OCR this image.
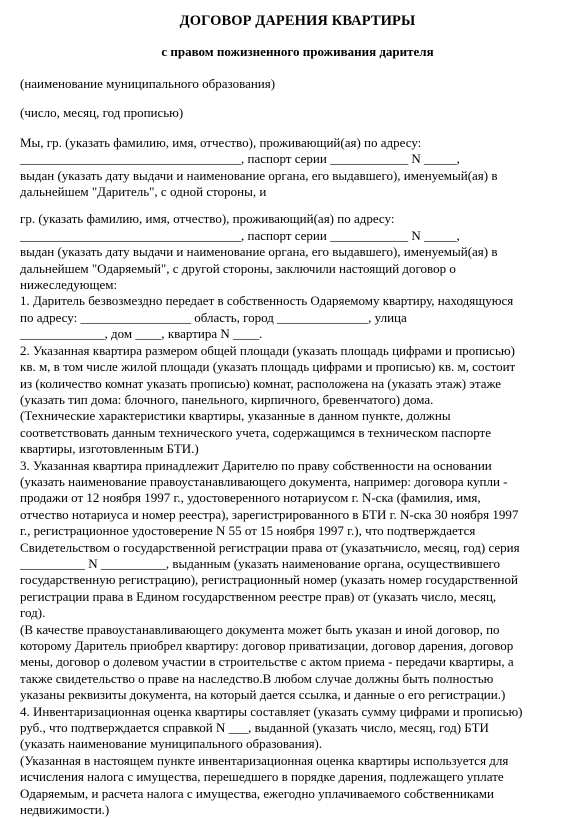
ДОГОВОР ДАРЕНИЯ КВАРТИРЫ
с правом пожизненного проживания дарителя
(наименование муниципального образования)
(число, месяц, год прописью)
Мы, гр. (указать фамилию, имя, отчество), проживающий(ая) по адресу:
__________________________________, паспорт серии ____________ N _____,
выдан (указать дату выдачи и наименование органа, его выдавшего), именуемый(ая) в
дальнейшем "Даритель", с одной стороны, и
гр. (указать фамилию, имя, отчество), проживающий(ая) по адресу:
__________________________________, паспорт серии ____________ N _____,
выдан (указать дату выдачи и наименование органа, его выдавшего), именуемый(ая) в
дальнейшем "Одаряемый", с другой стороны, заключили настоящий договор о
нижеследующем:
1. Даритель безвозмездно передает в собственность Одаряемому квартиру, находящуюся
по адресу: _________________ область, город ______________, улица
_____________, дом ____, квартира N ____.
2. Указанная квартира размером общей площади (указать площадь цифрами и прописью)
кв. м, в том числе жилой площади (указать площадь цифрами и прописью) кв. м, состоит
из (количество комнат указать прописью) комнат, расположена на (указать этаж) этаже
(указать тип дома: блочного, панельного, кирпичного, бревенчатого) дома.
(Технические характеристики квартиры, указанные в данном пункте, должны
соответствовать данным технического учета, содержащимся в техническом паспорте
квартиры, изготовленным БТИ.)
3. Указанная квартира принадлежит Дарителю по праву собственности на основании
(указать наименование правоустанавливающего документа, например: договора купли -
продажи от 12 ноября 1997 г., удостоверенного нотариусом г. N-ска (фамилия, имя,
отчество нотариуса и номер реестра), зарегистрированного в БТИ г. N-ска 30 ноября 1997
г., регистрационное удостоверение N 55 от 15 ноября 1997 г.), что подтверждается
Свидетельством о государственной регистрации права от (указатьчисло, месяц, год) серия
__________ N __________, выданным (указать наименование органа, осуществившего
государственную регистрацию), регистрационный номер (указать номер государственной
регистрации права в Едином государственном реестре прав) от (указать число, месяц,
год).
(В качестве правоустанавливающего документа может быть указан и иной договор, по
которому Даритель приобрел квартиру: договор приватизации, договор дарения, договор
мены, договор о долевом участии в строительстве с актом приема - передачи квартиры, а
также свидетельство о праве на наследство.В любом случае должны быть полностью
указаны реквизиты документа, на который дается ссылка, и данные о его регистрации.)
4. Инвентаризационная оценка квартиры составляет (указать сумму цифрами и прописью)
руб., что подтверждается справкой N ___, выданной (указать число, месяц, год) БТИ
(указать наименование муниципального образования).
(Указанная в настоящем пункте инвентаризационная оценка квартиры используется для
исчисления налога с имущества, перешедшего в порядке дарения, подлежащего уплате
Одаряемым, и расчета налога с имущества, ежегодно уплачиваемого собственниками
недвижимости.)
